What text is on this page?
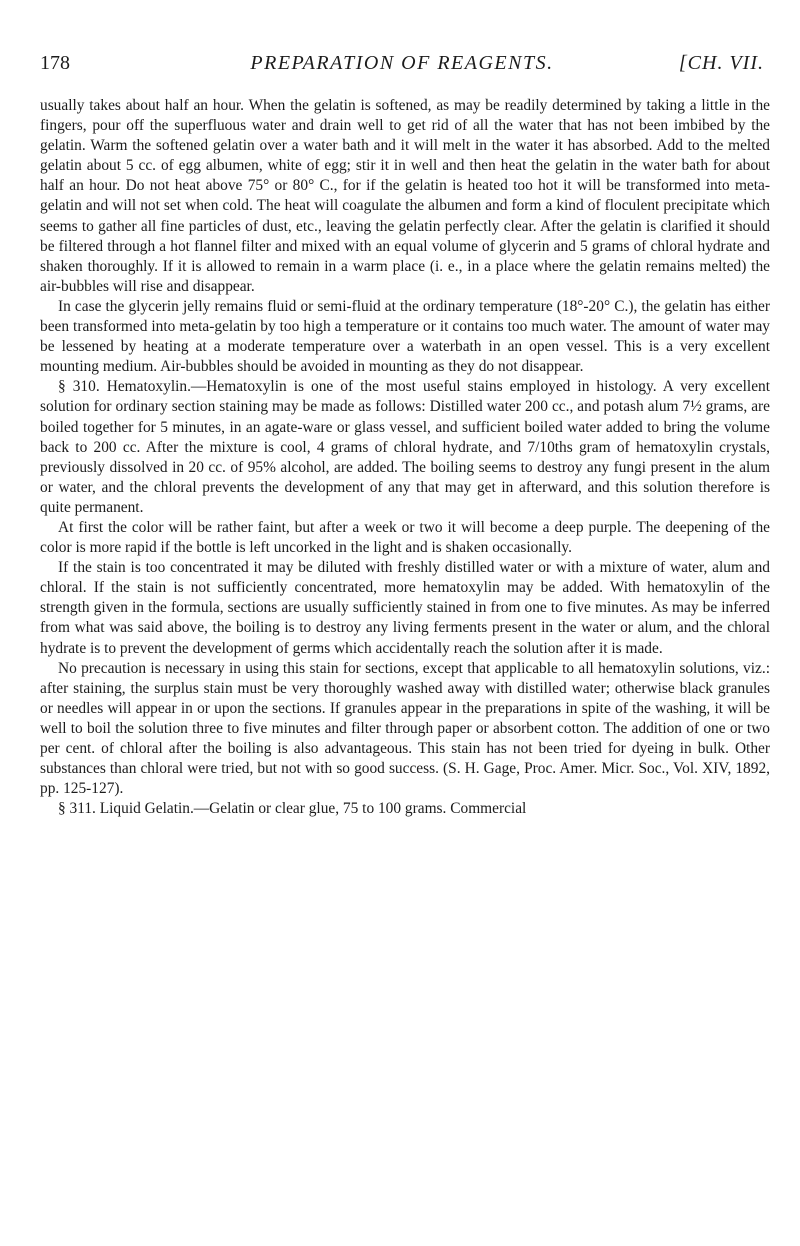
178	PREPARATION OF REAGENTS.	[CH. VII.

usually takes about half an hour. When the gelatin is softened, as may be readily determined by taking a little in the fingers, pour off the superfluous water and drain well to get rid of all the water that has not been imbibed by the gelatin. Warm the softened gelatin over a water bath and it will melt in the water it has absorbed. Add to the melted gelatin about 5 cc. of egg albumen, white of egg; stir it in well and then heat the gelatin in the water bath for about half an hour. Do not heat above 75° or 80° C., for if the gelatin is heated too hot it will be transformed into meta-gelatin and will not set when cold. The heat will coagulate the albumen and form a kind of floculent precipitate which seems to gather all fine particles of dust, etc., leaving the gelatin perfectly clear. After the gelatin is clarified it should be filtered through a hot flannel filter and mixed with an equal volume of glycerin and 5 grams of chloral hydrate and shaken thoroughly. If it is allowed to remain in a warm place (i. e., in a place where the gelatin remains melted) the air-bubbles will rise and disappear.

In case the glycerin jelly remains fluid or semi-fluid at the ordinary temperature (18°-20° C.), the gelatin has either been transformed into meta-gelatin by too high a temperature or it contains too much water. The amount of water may be lessened by heating at a moderate temperature over a waterbath in an open vessel. This is a very excellent mounting medium. Air-bubbles should be avoided in mounting as they do not disappear.

§ 310. Hematoxylin.—Hematoxylin is one of the most useful stains employed in histology. A very excellent solution for ordinary section staining may be made as follows: Distilled water 200 cc., and potash alum 7½ grams, are boiled together for 5 minutes, in an agate-ware or glass vessel, and sufficient boiled water added to bring the volume back to 200 cc. After the mixture is cool, 4 grams of chloral hydrate, and 7/10ths gram of hematoxylin crystals, previously dissolved in 20 cc. of 95% alcohol, are added. The boiling seems to destroy any fungi present in the alum or water, and the chloral prevents the development of any that may get in afterward, and this solution therefore is quite permanent.

At first the color will be rather faint, but after a week or two it will become a deep purple. The deepening of the color is more rapid if the bottle is left uncorked in the light and is shaken occasionally.

If the stain is too concentrated it may be diluted with freshly distilled water or with a mixture of water, alum and chloral. If the stain is not sufficiently concentrated, more hematoxylin may be added. With hematoxylin of the strength given in the formula, sections are usually sufficiently stained in from one to five minutes. As may be inferred from what was said above, the boiling is to destroy any living ferments present in the water or alum, and the chloral hydrate is to prevent the development of germs which accidentally reach the solution after it is made.

No precaution is necessary in using this stain for sections, except that applicable to all hematoxylin solutions, viz.: after staining, the surplus stain must be very thoroughly washed away with distilled water; otherwise black granules or needles will appear in or upon the sections. If granules appear in the preparations in spite of the washing, it will be well to boil the solution three to five minutes and filter through paper or absorbent cotton. The addition of one or two per cent. of chloral after the boiling is also advantageous. This stain has not been tried for dyeing in bulk. Other substances than chloral were tried, but not with so good success. (S. H. Gage, Proc. Amer. Micr. Soc., Vol. XIV, 1892, pp. 125-127).

§ 311. Liquid Gelatin.—Gelatin or clear glue, 75 to 100 grams. Commercial
